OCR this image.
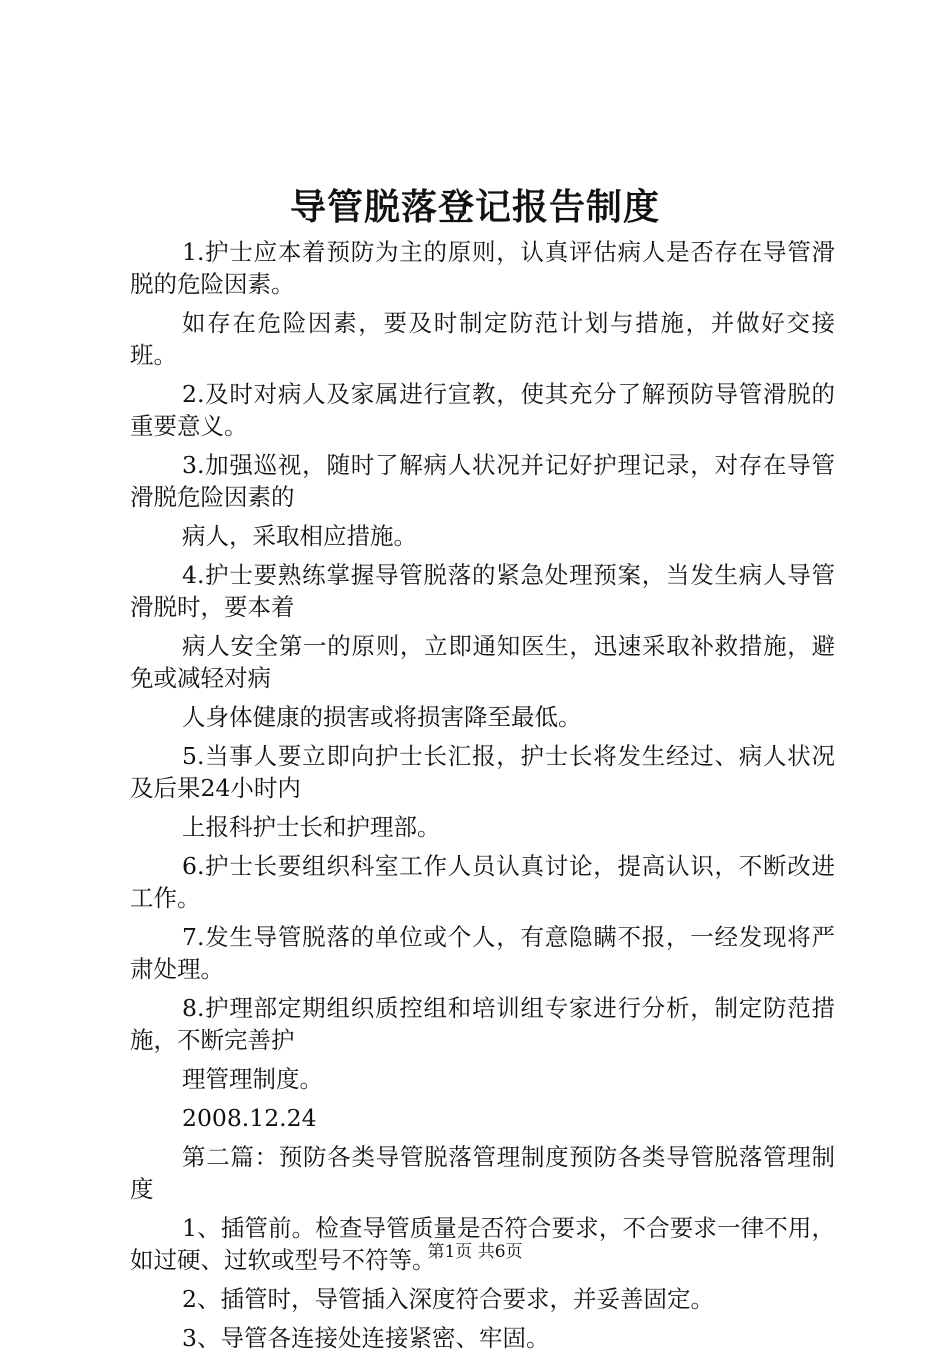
导管脱落登记报告制度

1.护士应本着预防为主的原则，认真评估病人是否存在导管滑脱的危险因素。

如存在危险因素，要及时制定防范计划与措施，并做好交接班。

2.及时对病人及家属进行宣教，使其充分了解预防导管滑脱的重要意义。

3.加强巡视，随时了解病人状况并记好护理记录，对存在导管滑脱危险因素的

病人，采取相应措施。

4.护士要熟练掌握导管脱落的紧急处理预案，当发生病人导管滑脱时，要本着

病人安全第一的原则，立即通知医生，迅速采取补救措施，避免或减轻对病

人身体健康的损害或将损害降至最低。

5.当事人要立即向护士长汇报，护士长将发生经过、病人状况及后果24小时内

上报科护士长和护理部。

6.护士长要组织科室工作人员认真讨论，提高认识，不断改进工作。

7.发生导管脱落的单位或个人，有意隐瞒不报，一经发现将严肃处理。

8.护理部定期组织质控组和培训组专家进行分析，制定防范措施，不断完善护

理管理制度。

2008.12.24

第二篇：预防各类导管脱落管理制度预防各类导管脱落管理制度

1、插管前。检查导管质量是否符合要求，不合要求一律不用，如过硬、过软或型号不符等。

2、插管时，导管插入深度符合要求，并妥善固定。

3、导管各连接处连接紧密、牢固。

第1页 共6页
